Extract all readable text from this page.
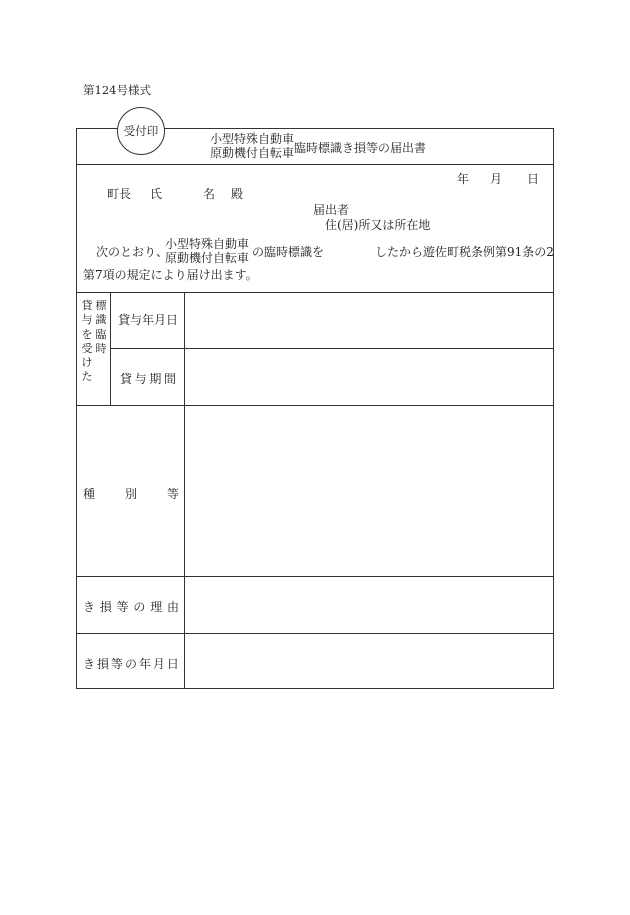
第124号様式
受付印
小型特殊自動車
原動機付自転車 臨時標識き損等の届出書
年 月 日
町長 氏	名 殿
届出者
住(居)所又は所在地
次のとおり、
小型特殊自動車
原動機付自転車 の臨時標識を	したから遊佐町税条例第91条の2
第7項の規定により届け出ます。
貸与を受けた
標識臨時
貸与年月日
貸 与 期 間
種 別 等
き 損 等 の 理 由
き 損 等 の 年 月 日
